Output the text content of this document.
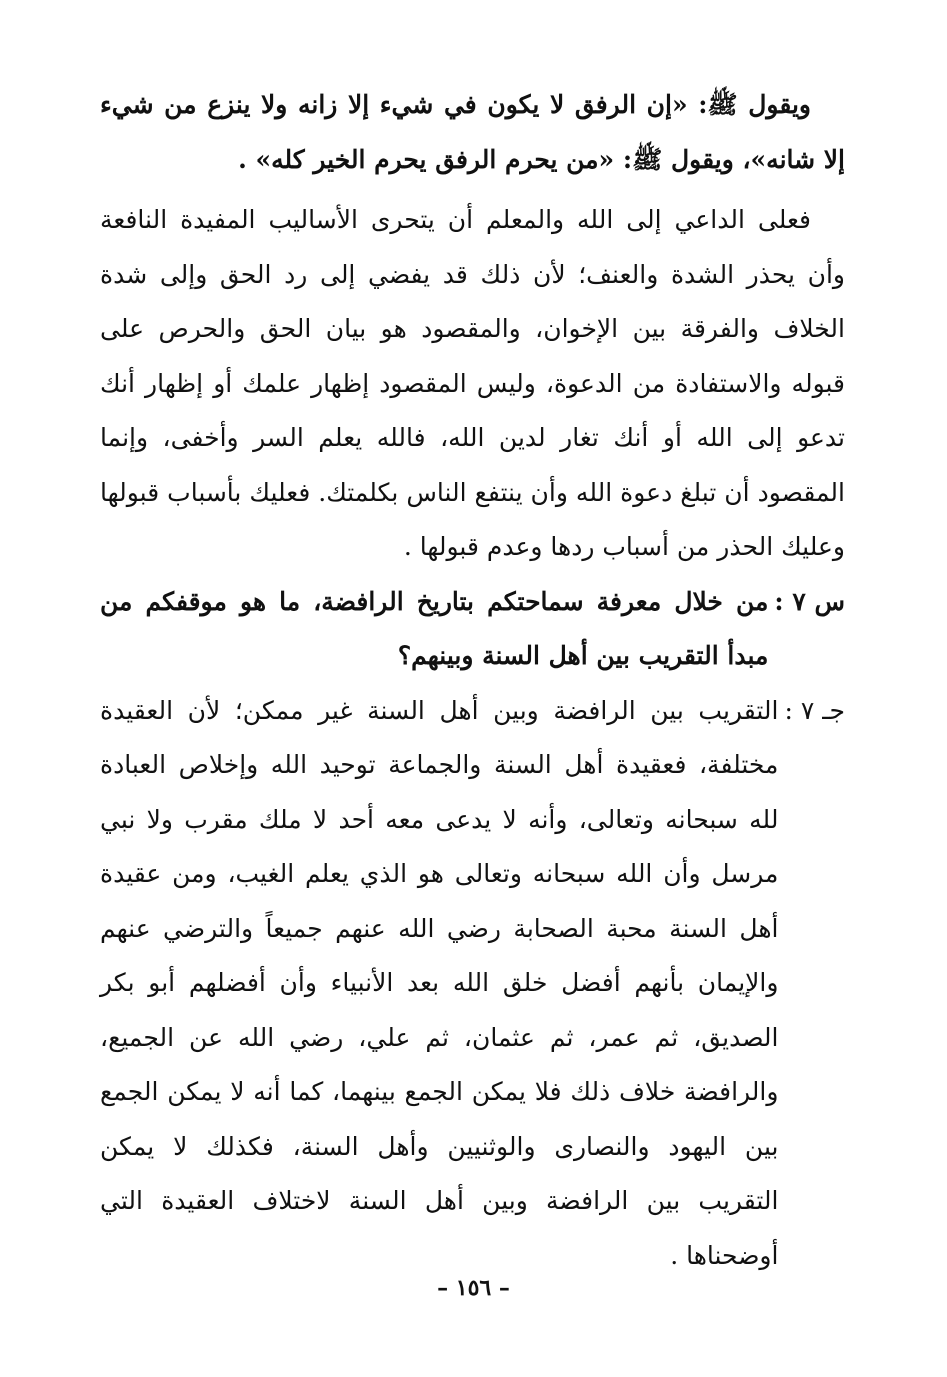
ويقول ﷺ: «إن الرفق لا يكون في شيء إلا زانه ولا ينزع من شيء إلا شانه»، ويقول ﷺ: «من يحرم الرفق يحرم الخير كله» .

فعلى الداعي إلى الله والمعلم أن يتحرى الأساليب المفيدة النافعة وأن يحذر الشدة والعنف؛ لأن ذلك قد يفضي إلى رد الحق وإلى شدة الخلاف والفرقة بين الإخوان، والمقصود هو بيان الحق والحرص على قبوله والاستفادة من الدعوة، وليس المقصود إظهار علمك أو إظهار أنك تدعو إلى الله أو أنك تغار لدين الله، فالله يعلم السر وأخفى، وإنما المقصود أن تبلغ دعوة الله وأن ينتفع الناس بكلمتك. فعليك بأسباب قبولها وعليك الحذر من أسباب ردها وعدم قبولها .

س ٧ :
من خلال معرفة سماحتكم بتاريخ الرافضة، ما هو موقفكم من مبدأ التقريب بين أهل السنة وبينهم؟
جـ ٧ :
التقريب بين الرافضة وبين أهل السنة غير ممكن؛ لأن العقيدة مختلفة، فعقيدة أهل السنة والجماعة توحيد الله وإخلاص العبادة لله سبحانه وتعالى، وأنه لا يدعى معه أحد لا ملك مقرب ولا نبي مرسل وأن الله سبحانه وتعالى هو الذي يعلم الغيب، ومن عقيدة أهل السنة محبة الصحابة رضي الله عنهم جميعاً والترضي عنهم والإيمان بأنهم أفضل خلق الله بعد الأنبياء وأن أفضلهم أبو بكر الصديق، ثم عمر، ثم عثمان، ثم علي، رضي الله عن الجميع، والرافضة خلاف ذلك فلا يمكن الجمع بينهما، كما أنه لا يمكن الجمع بين اليهود والنصارى والوثنيين وأهل السنة، فكذلك لا يمكن التقريب بين الرافضة وبين أهل السنة لاختلاف العقيدة التي أوضحناها .
– ١٥٦ –
